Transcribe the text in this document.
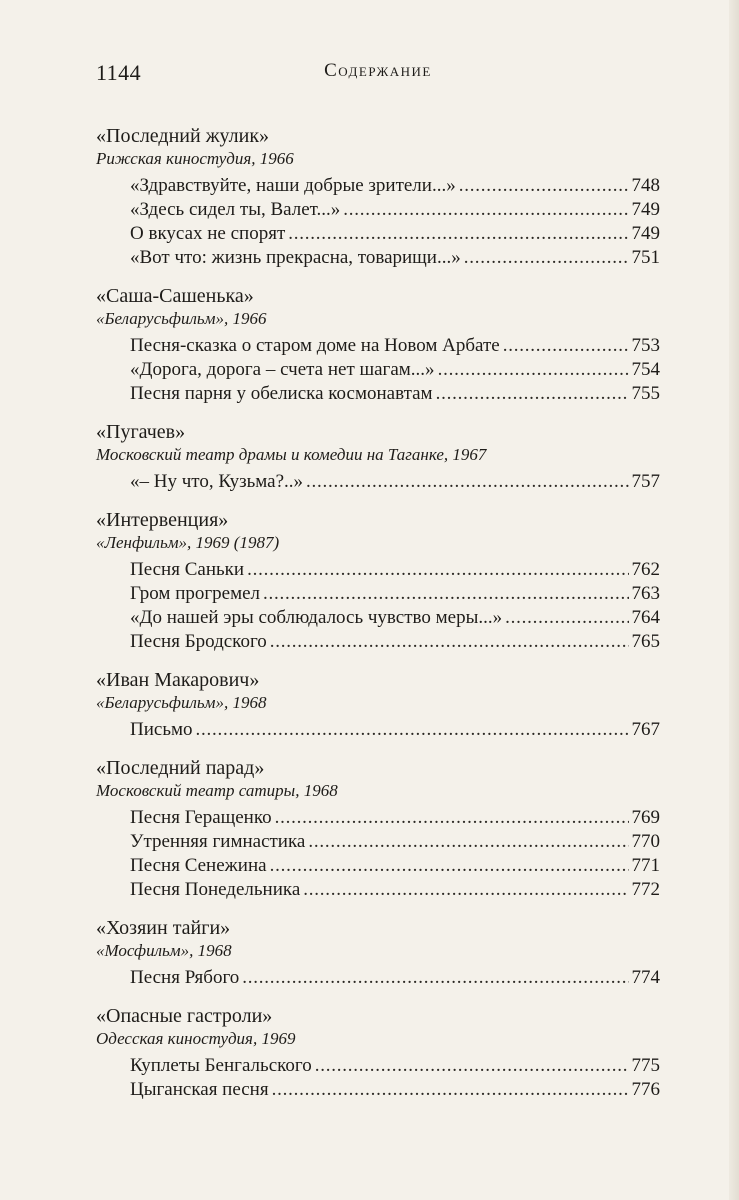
1144	Содержание
«Последний жулик»
Рижская киностудия, 1966
«Здравствуйте, наши добрые зрители...» . . .	748
«Здесь сидел ты, Валет...» . . .	749
О вкусах не спорят . . .	749
«Вот что: жизнь прекрасна, товарищи...» . . .	751
«Саша-Сашенька»
«Беларусьфильм», 1966
Песня-сказка о старом доме на Новом Арбате . . .	753
«Дорога, дорога – счета нет шагам...» . . .	754
Песня парня у обелиска космонавтам . . .	755
«Пугачев»
Московский театр драмы и комедии на Таганке, 1967
«– Ну что, Кузьма?..» . . .	757
«Интервенция»
«Ленфильм», 1969 (1987)
Песня Саньки . . .	762
Гром прогремел . . .	763
«До нашей эры соблюдалось чувство меры...» . . .	764
Песня Бродского . . .	765
«Иван Макарович»
«Беларусьфильм», 1968
Письмо . . .	767
«Последний парад»
Московский театр сатиры, 1968
Песня Геращенко . . .	769
Утренняя гимнастика . . .	770
Песня Сенежина . . .	771
Песня Понедельника . . .	772
«Хозяин тайги»
«Мосфильм», 1968
Песня Рябого . . .	774
«Опасные гастроли»
Одесская киностудия, 1969
Куплеты Бенгальского . . .	775
Цыганская песня . . .	776
